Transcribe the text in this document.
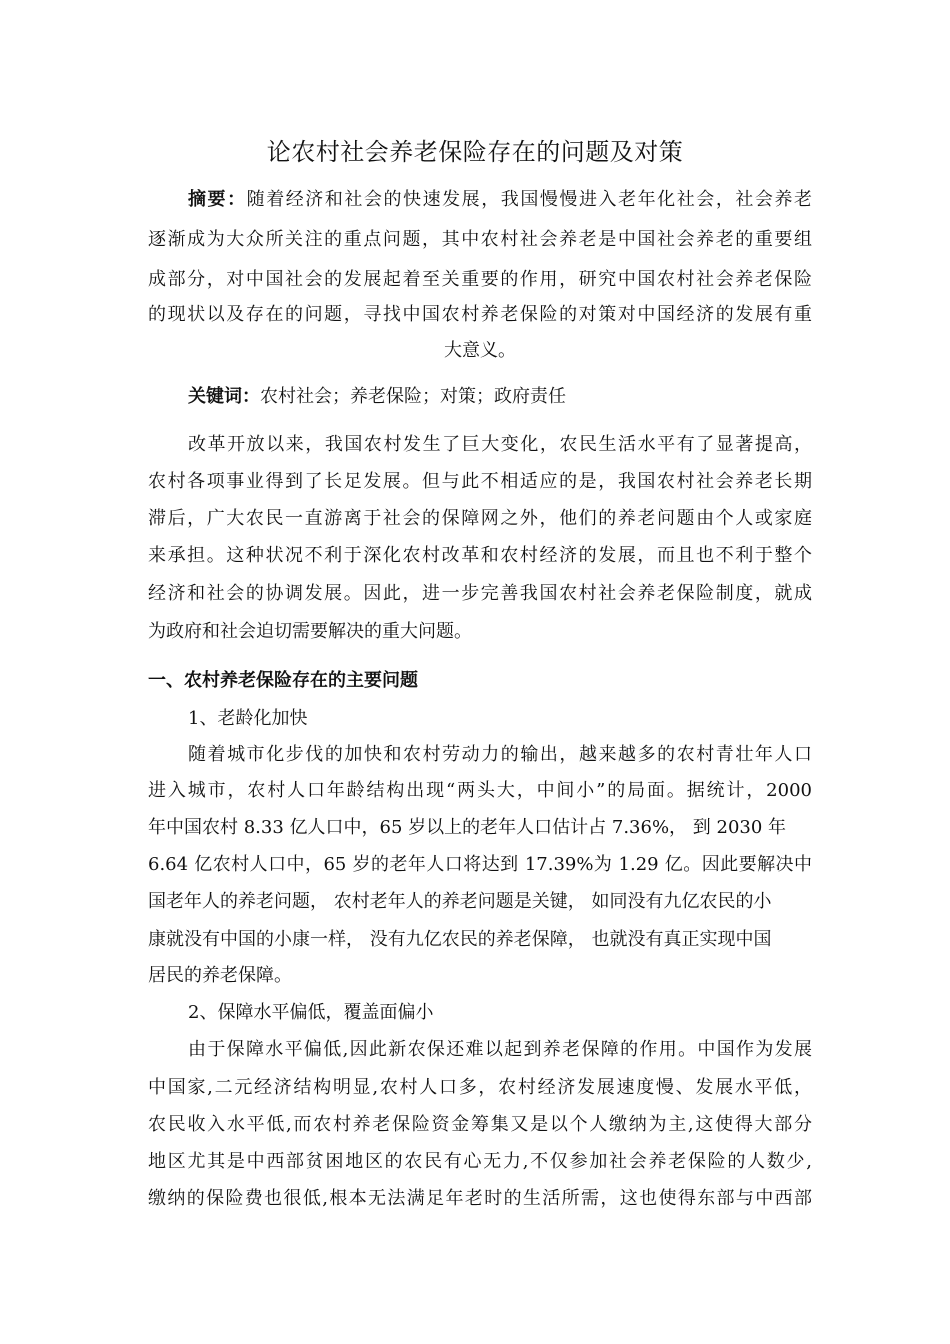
论农村社会养老保险存在的问题及对策

摘要：随着经济和社会的快速发展，我国慢慢进入老年化社会，社会养老

逐渐成为大众所关注的重点问题，其中农村社会养老是中国社会养老的重要组

成部分，对中国社会的发展起着至关重要的作用，研究中国农村社会养老保险

的现状以及存在的问题，寻找中国农村养老保险的对策对中国经济的发展有重

大意义。

关键词：农村社会；养老保险；对策；政府责任

改革开放以来，我国农村发生了巨大变化，农民生活水平有了显著提高，

农村各项事业得到了长足发展。但与此不相适应的是，我国农村社会养老长期

滞后，广大农民一直游离于社会的保障网之外，他们的养老问题由个人或家庭

来承担。这种状况不利于深化农村改革和农村经济的发展，而且也不利于整个

经济和社会的协调发展。因此，进一步完善我国农村社会养老保险制度，就成

为政府和社会迫切需要解决的重大问题。

一、农村养老保险存在的主要问题

1、老龄化加快

随着城市化步伐的加快和农村劳动力的输出，越来越多的农村青壮年人口

进入城市，农村人口年龄结构出现“两头大，中间小”的局面。据统计，2000

年中国农村 8.33 亿人口中，65 岁以上的老年人口估计占 7.36%， 到 2030 年

6.64 亿农村人口中，65 岁的老年人口将达到 17.39%为 1.29 亿。因此要解决中

国老年人的养老问题， 农村老年人的养老问题是关键， 如同没有九亿农民的小

康就没有中国的小康一样， 没有九亿农民的养老保障， 也就没有真正实现中国

居民的养老保障。

2、保障水平偏低，覆盖面偏小

由于保障水平偏低,因此新农保还难以起到养老保障的作用。中国作为发展

中国家,二元经济结构明显,农村人口多，农村经济发展速度慢、发展水平低，

农民收入水平低,而农村养老保险资金筹集又是以个人缴纳为主,这使得大部分

地区尤其是中西部贫困地区的农民有心无力,不仅参加社会养老保险的人数少,

缴纳的保险费也很低,根本无法满足年老时的生活所需，这也使得东部与中西部
